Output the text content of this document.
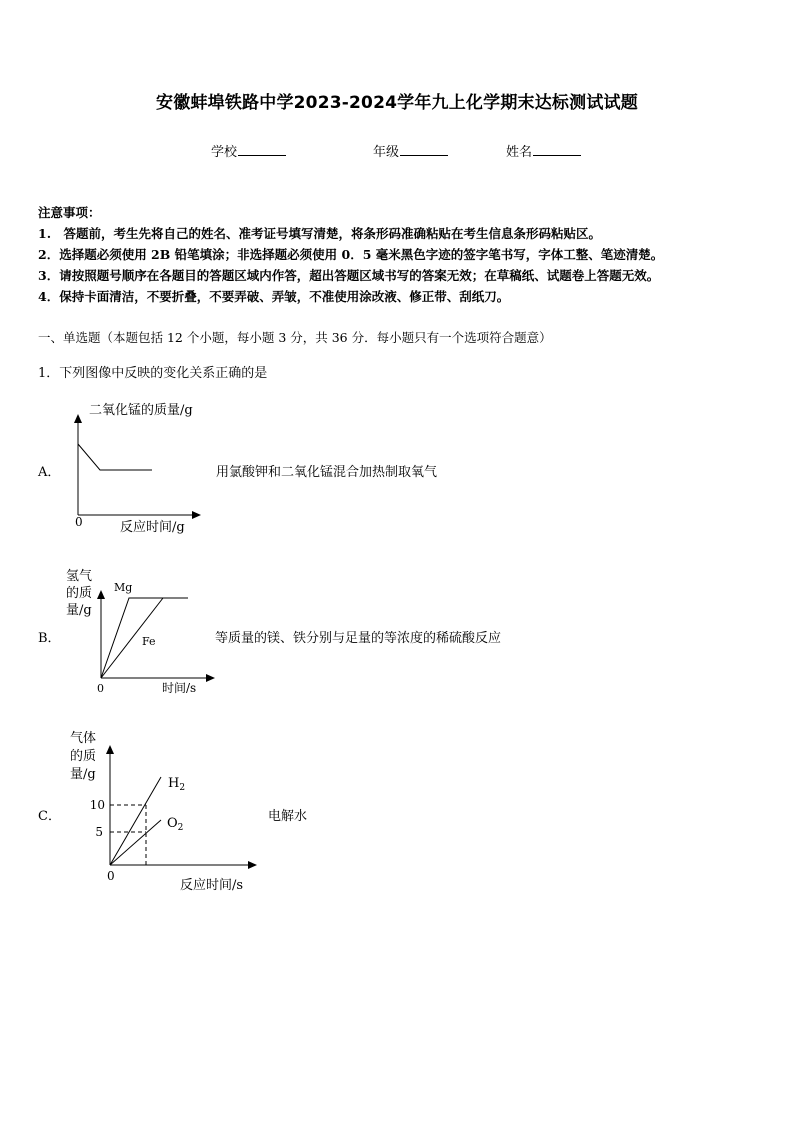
安徽蚌埠铁路中学2023-2024学年九上化学期末达标测试试题
学校	年级	姓名
注意事项：
1.　答题前，考生先将自己的姓名、准考证号填写清楚，将条形码准确粘贴在考生信息条形码粘贴区。
2．选择题必须使用 2B 铅笔填涂；非选择题必须使用 0．5 毫米黑色字迹的签字笔书写，字体工整、笔迹清楚。
3．请按照题号顺序在各题目的答题区域内作答，超出答题区域书写的答案无效；在草稿纸、试题卷上答题无效。
4．保持卡面清洁，不要折叠，不要弄破、弄皱，不准使用涂改液、修正带、刮纸刀。
一、单选题（本题包括 12 个小题，每小题 3 分，共 36 分．每小题只有一个选项符合题意）
1．下列图像中反映的变化关系正确的是
A．	用氯酸钾和二氧化锰混合加热制取氧气
二氧化锰的质量/g
0	反应时间/g
B．	等质量的镁、铁分别与足量的等浓度的稀硫酸反应
氢气
的质
量/g
Mg
Fe
0	时间/s
C．	电解水
气体
的质
量/g
10
5
$H_2$
$O_2$
0
反应时间/s
